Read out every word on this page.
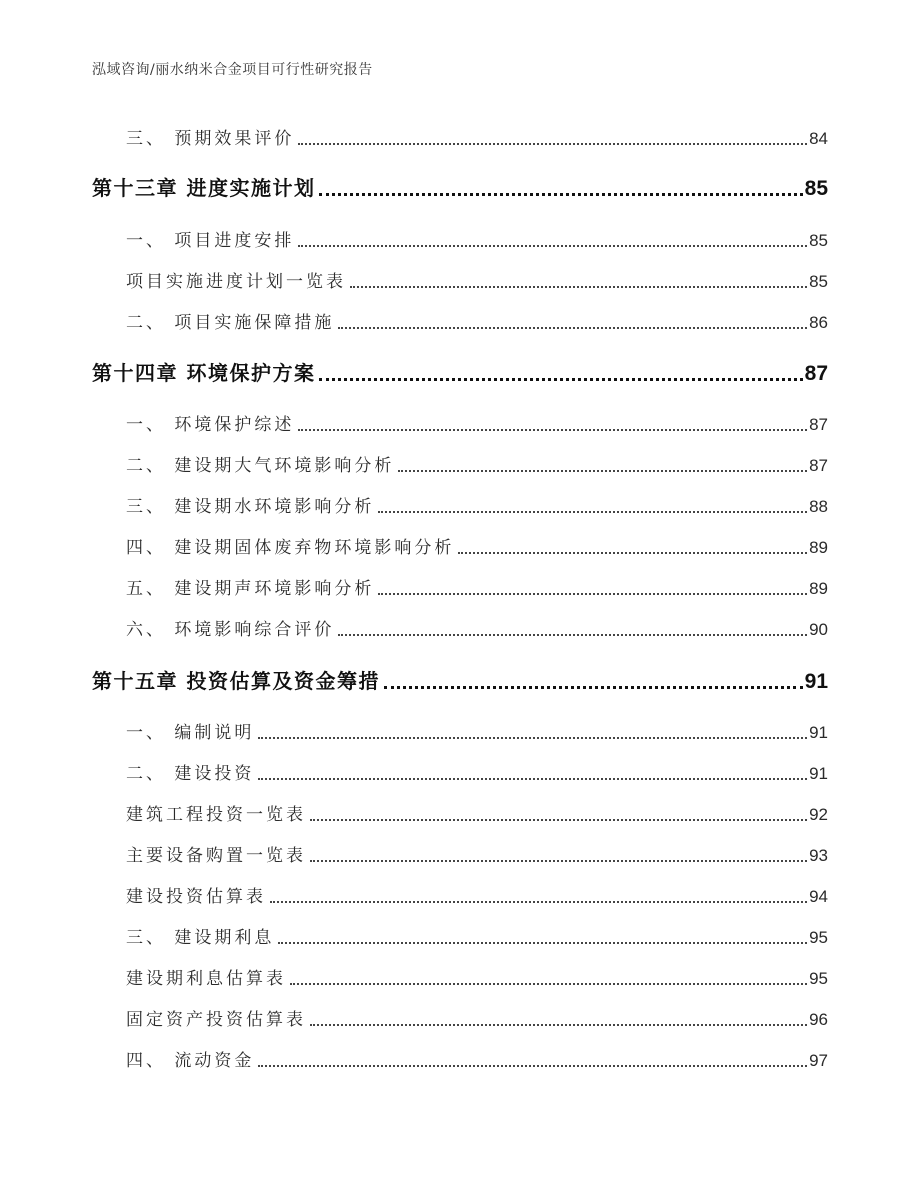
泓域咨询/丽水纳米合金项目可行性研究报告
三、 预期效果评价	84
第十三章 进度实施计划	85
一、 项目进度安排	85
项目实施进度计划一览表	85
二、 项目实施保障措施	86
第十四章 环境保护方案	87
一、 环境保护综述	87
二、 建设期大气环境影响分析	87
三、 建设期水环境影响分析	88
四、 建设期固体废弃物环境影响分析	89
五、 建设期声环境影响分析	89
六、 环境影响综合评价	90
第十五章 投资估算及资金筹措	91
一、 编制说明	91
二、 建设投资	91
建筑工程投资一览表	92
主要设备购置一览表	93
建设投资估算表	94
三、 建设期利息	95
建设期利息估算表	95
固定资产投资估算表	96
四、 流动资金	97
